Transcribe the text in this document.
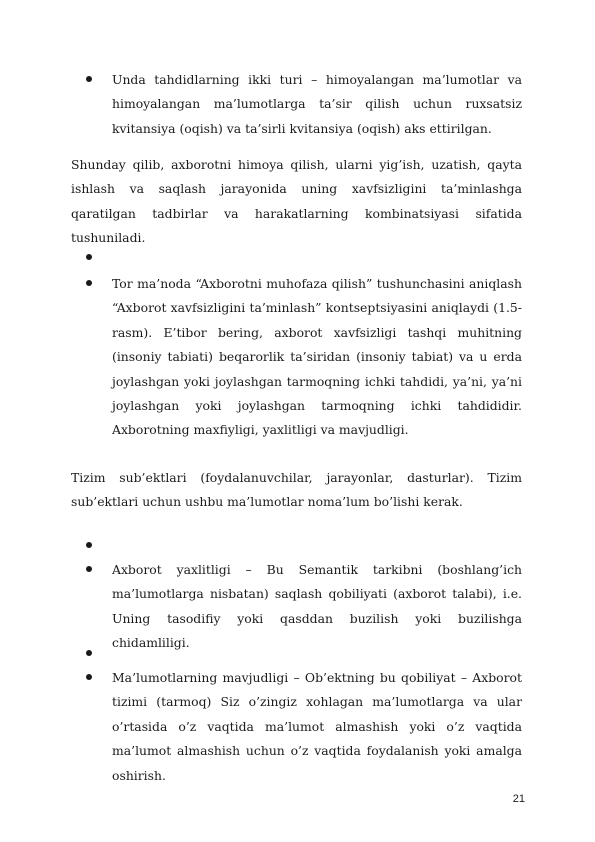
Unda tahdidlarning ikki turi – himoyalangan ma’lumotlar va himoyalangan ma’lumotlarga ta’sir qilish uchun ruxsatsiz kvitansiya (oqish) va ta’sirli kvitansiya (oqish) aks ettirilgan.

Shunday qilib, axborotni himoya qilish, ularni yig’ish, uzatish, qayta ishlash va saqlash jarayonida uning xavfsizligini ta’minlashga qaratilgan tadbirlar va harakatlarning kombinatsiyasi sifatida tushuniladi.

Tor ma’noda “Axborotni muhofaza qilish” tushunchasini aniqlash “Axborot xavfsizligini ta’minlash” kontseptsiyasini aniqlaydi (1.5-rasm). E’tibor bering, axborot xavfsizligi tashqi muhitning (insoniy tabiati) beqarorlik ta’siridan (insoniy tabiat) va u erda joylashgan yoki joylashgan tarmoqning ichki tahdidi, ya’ni, ya’ni joylashgan yoki joylashgan tarmoqning ichki tahdididir. Axborotning maxfiyligi, yaxlitligi va mavjudligi.

Tizim sub’ektlari (foydalanuvchilar, jarayonlar, dasturlar). Tizim sub’ektlari uchun ushbu ma’lumotlar noma’lum bo’lishi kerak.

Axborot yaxlitligi – Bu Semantik tarkibni (boshlang’ich ma’lumotlarga nisbatan) saqlash qobiliyati (axborot talabi), i.e. Uning tasodifiy yoki qasddan buzilish yoki buzilishga chidamliligi.

Ma’lumotlarning mavjudligi – Ob’ektning bu qobiliyat – Axborot tizimi (tarmoq) Siz o’zingiz xohlagan ma’lumotlarga va ular o’rtasida o’z vaqtida ma’lumot almashish yoki o’z vaqtida ma’lumot almashish uchun o’z vaqtida foydalanish yoki amalga oshirish.

21
